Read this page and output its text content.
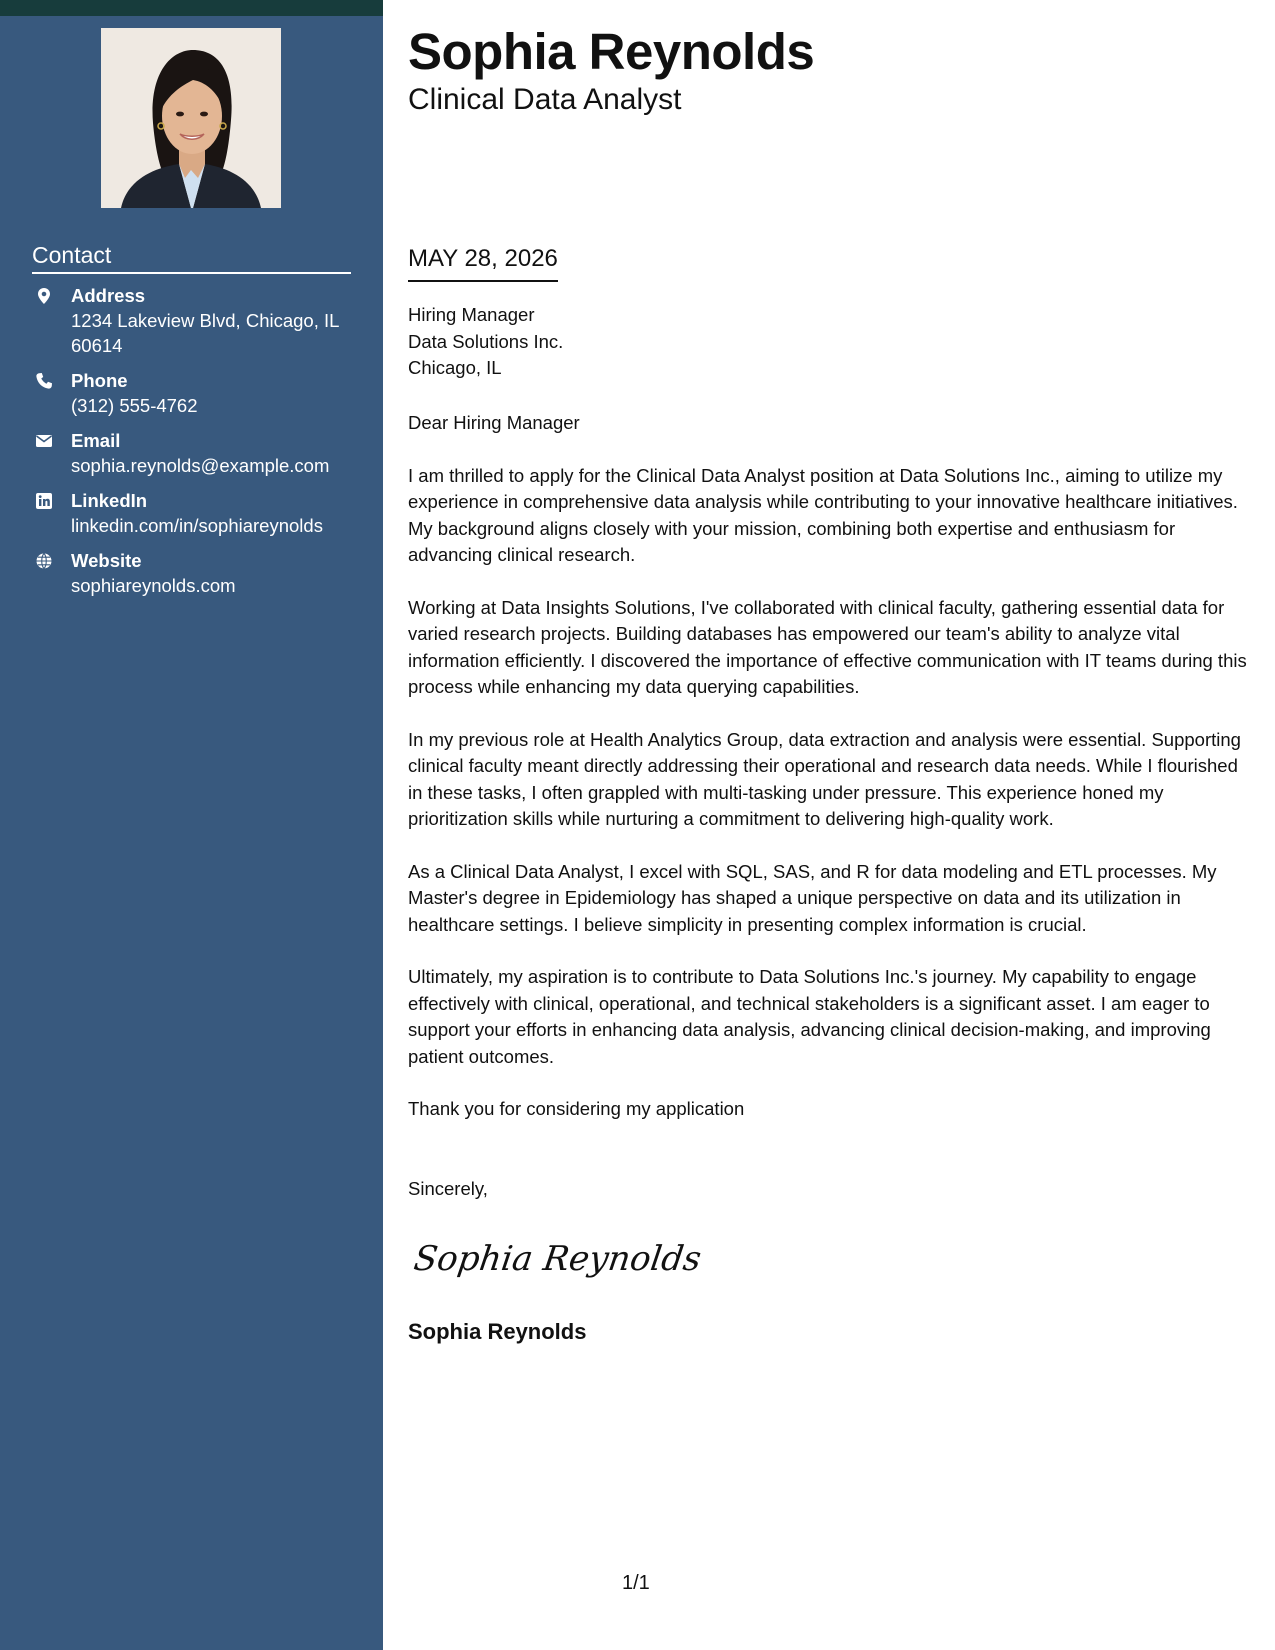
Contact
Address
1234 Lakeview Blvd, Chicago, IL
60614
Phone
(312) 555-4762
Email
sophia.reynolds@example.com
LinkedIn
linkedin.com/in/sophiareynolds
Website
sophiareynolds.com
Sophia Reynolds
Clinical Data Analyst
MAY 28, 2026
Hiring Manager
Data Solutions Inc.
Chicago, IL
Dear Hiring Manager

I am thrilled to apply for the Clinical Data Analyst position at Data Solutions Inc., aiming to utilize my experience in comprehensive data analysis while contributing to your innovative healthcare initiatives. My background aligns closely with your mission, combining both expertise and enthusiasm for advancing clinical research.

Working at Data Insights Solutions, I've collaborated with clinical faculty, gathering essential data for varied research projects. Building databases has empowered our team's ability to analyze vital information efficiently. I discovered the importance of effective communication with IT teams during this process while enhancing my data querying capabilities.

In my previous role at Health Analytics Group, data extraction and analysis were essential. Supporting clinical faculty meant directly addressing their operational and research data needs. While I flourished in these tasks, I often grappled with multi-tasking under pressure. This experience honed my prioritization skills while nurturing a commitment to delivering high-quality work.

As a Clinical Data Analyst, I excel with SQL, SAS, and R for data modeling and ETL processes. My Master's degree in Epidemiology has shaped a unique perspective on data and its utilization in healthcare settings. I believe simplicity in presenting complex information is crucial.

Ultimately, my aspiration is to contribute to Data Solutions Inc.'s journey. My capability to engage effectively with clinical, operational, and technical stakeholders is a significant asset. I am eager to support your efforts in enhancing data analysis, advancing clinical decision-making, and improving patient outcomes.

Thank you for considering my application

Sincerely,
Sophia Reynolds
Sophia Reynolds
1/1
